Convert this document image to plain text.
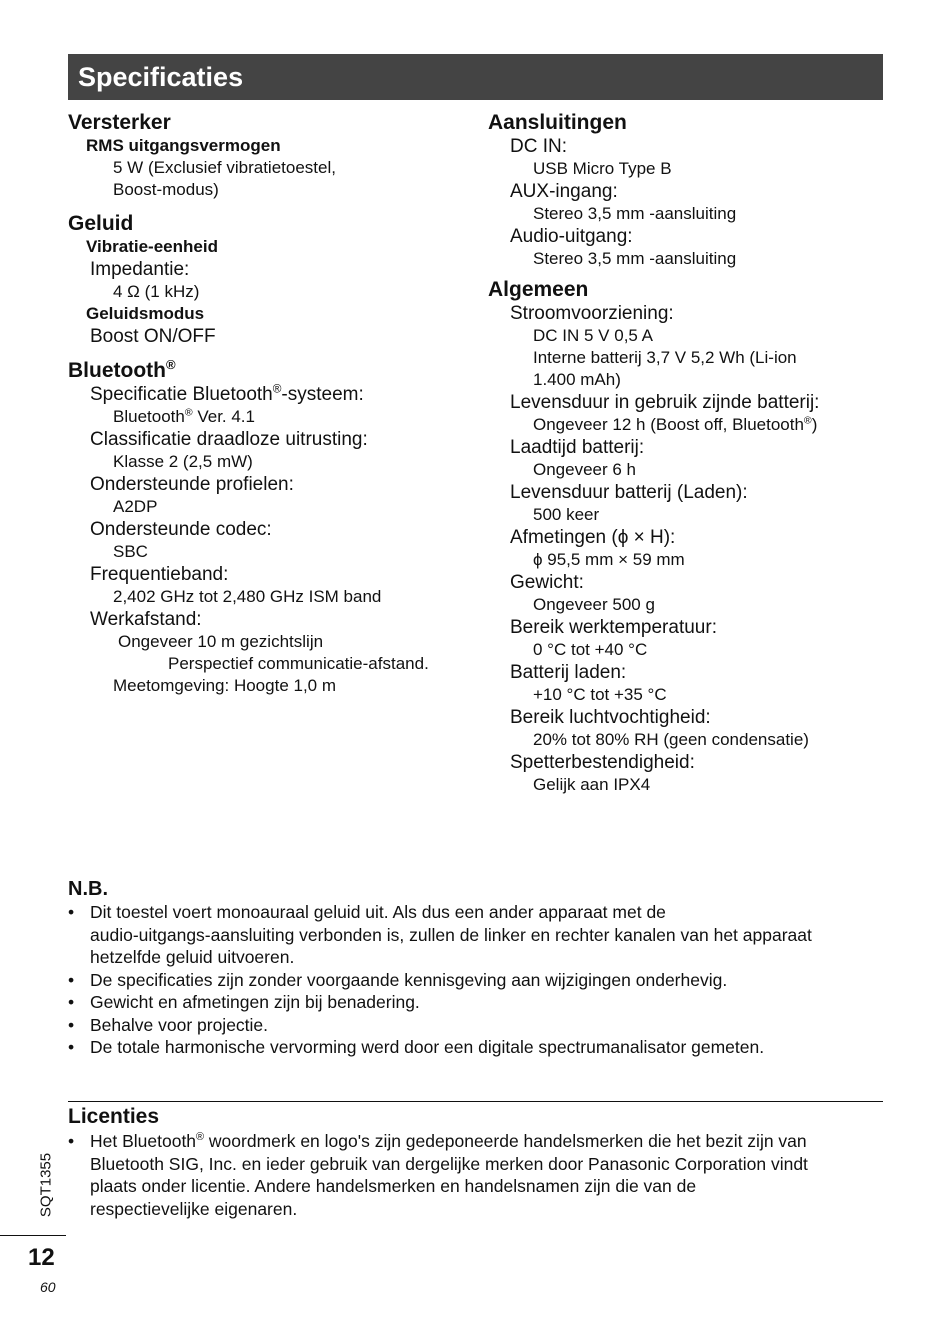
Specificaties
Versterker
RMS uitgangsvermogen
5 W (Exclusief vibratietoestel,
Boost-modus)
Geluid
Vibratie-eenheid
Impedantie:
4 Ω (1 kHz)
Geluidsmodus
Boost ON/OFF
Bluetooth®
Specificatie Bluetooth®-systeem:
Bluetooth® Ver. 4.1
Classificatie draadloze uitrusting:
Klasse 2 (2,5 mW)
Ondersteunde profielen:
A2DP
Ondersteunde codec:
SBC
Frequentieband:
2,402 GHz tot 2,480 GHz ISM band
Werkafstand:
Ongeveer 10 m gezichtslijn
Perspectief communicatie-afstand.
Meetomgeving: Hoogte 1,0 m
Aansluitingen
DC IN:
USB Micro Type B
AUX-ingang:
Stereo 3,5 mm -aansluiting
Audio-uitgang:
Stereo 3,5 mm -aansluiting
Algemeen
Stroomvoorziening:
DC IN 5 V 0,5 A
Interne batterij 3,7 V 5,2 Wh (Li-ion
1.400 mAh)
Levensduur in gebruik zijnde batterij:
Ongeveer 12 h (Boost off, Bluetooth®)
Laadtijd batterij:
Ongeveer 6 h
Levensduur batterij (Laden):
500 keer
Afmetingen (ϕ × H):
ϕ 95,5 mm × 59 mm
Gewicht:
Ongeveer 500 g
Bereik werktemperatuur:
0 °C tot +40 °C
Batterij laden:
+10 °C tot +35 °C
Bereik luchtvochtigheid:
20% tot 80% RH (geen condensatie)
Spetterbestendigheid:
Gelijk aan IPX4
N.B.
• Dit toestel voert monoauraal geluid uit. Als dus een ander apparaat met de
audio-uitgangs-aansluiting verbonden is, zullen de linker en rechter kanalen van het apparaat
hetzelfde geluid uitvoeren.
• De specificaties zijn zonder voorgaande kennisgeving aan wijzigingen onderhevig.
• Gewicht en afmetingen zijn bij benadering.
• Behalve voor projectie.
• De totale harmonische vervorming werd door een digitale spectrumanalisator gemeten.
Licenties
• Het Bluetooth® woordmerk en logo's zijn gedeponeerde handelsmerken die het bezit zijn van
Bluetooth SIG, Inc. en ieder gebruik van dergelijke merken door Panasonic Corporation vindt
plaats onder licentie. Andere handelsmerken en handelsnamen zijn die van de
respectievelijke eigenaren.
SQT1355
12
60
